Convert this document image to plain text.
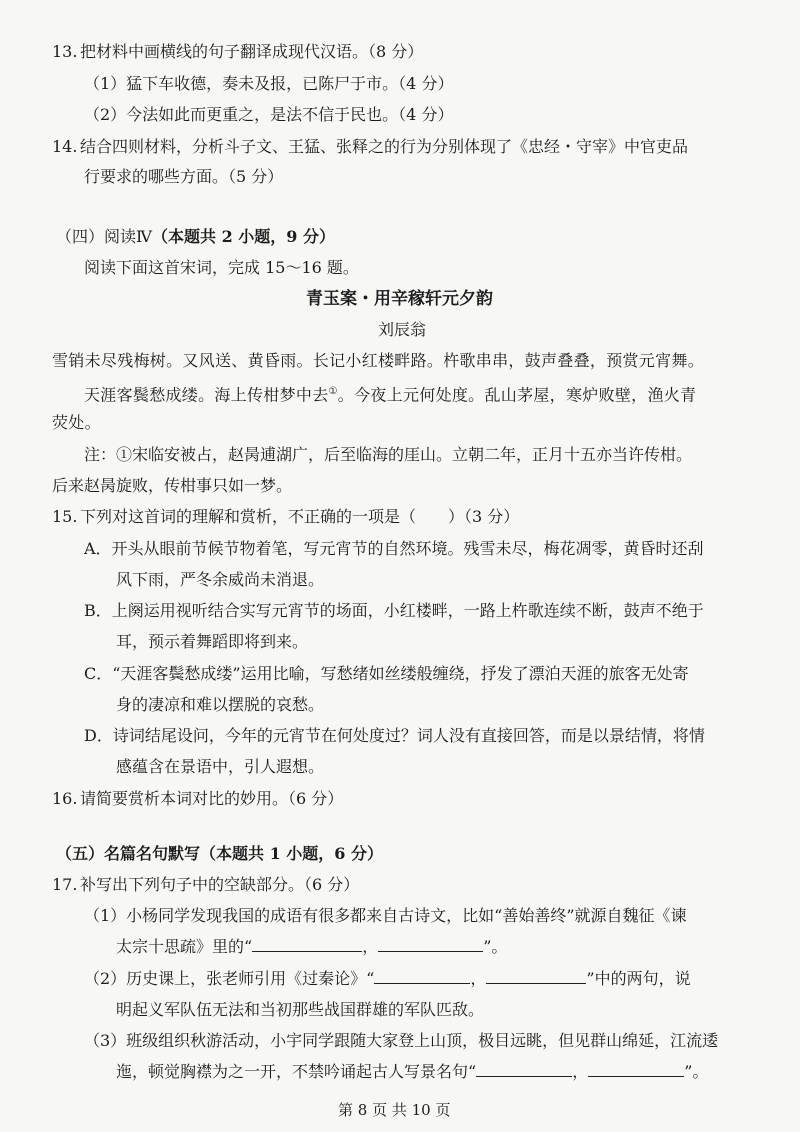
13. 把材料中画横线的句子翻译成现代汉语。（8 分）
（1）猛下车收德，奏未及报，已陈尸于市。（4 分）
（2）今法如此而更重之，是法不信于民也。（4 分）
14. 结合四则材料，分析斗子文、王猛、张释之的行为分别体现了《忠经・守宰》中官吏品
行要求的哪些方面。（5 分）
（四）阅读Ⅳ（本题共 2 小题，9 分）
阅读下面这首宋词，完成 15～16 题。
青玉案・用辛稼轩元夕韵
刘辰翁
雪销未尽残梅树。又风送、黄昏雨。长记小红楼畔路。杵歌串串，鼓声叠叠，预赏元宵舞。
天涯客鬓愁成缕。海上传柑梦中去①。今夜上元何处度。乱山茅屋，寒炉败壁，渔火青
荧处。
注：①宋临安被占，赵昺逋湖广，后至临海的厓山。立朝二年，正月十五亦当许传柑。
后来赵昺旋败，传柑事只如一梦。
15. 下列对这首词的理解和赏析，不正确的一项是（　　）（3 分）
A．开头从眼前节候节物着笔，写元宵节的自然环境。残雪未尽，梅花凋零，黄昏时还刮
风下雨，严冬余威尚未消退。
B．上阕运用视听结合实写元宵节的场面，小红楼畔，一路上杵歌连续不断，鼓声不绝于
耳，预示着舞蹈即将到来。
C．“天涯客鬓愁成缕”运用比喻，写愁绪如丝缕般缠绕，抒发了漂泊天涯的旅客无处寄
身的凄凉和难以摆脱的哀愁。
D．诗词结尾设问，今年的元宵节在何处度过？词人没有直接回答，而是以景结情，将情
感蕴含在景语中，引人遐想。
16. 请简要赏析本词对比的妙用。（6 分）
（五）名篇名句默写（本题共 1 小题，6 分）
17. 补写出下列句子中的空缺部分。（6 分）
（1）小杨同学发现我国的成语有很多都来自古诗文，比如“善始善终”就源自魏征《谏
太宗十思疏》里的“	，	”。
（2）历史课上，张老师引用《过秦论》“	，	”中的两句，说
明起义军队伍无法和当初那些战国群雄的军队匹敌。
（3）班级组织秋游活动，小宇同学跟随大家登上山顶，极目远眺，但见群山绵延，江流逶
迤，顿觉胸襟为之一开，不禁吟诵起古人写景名句“	，	”。
第 8 页 共 10 页
